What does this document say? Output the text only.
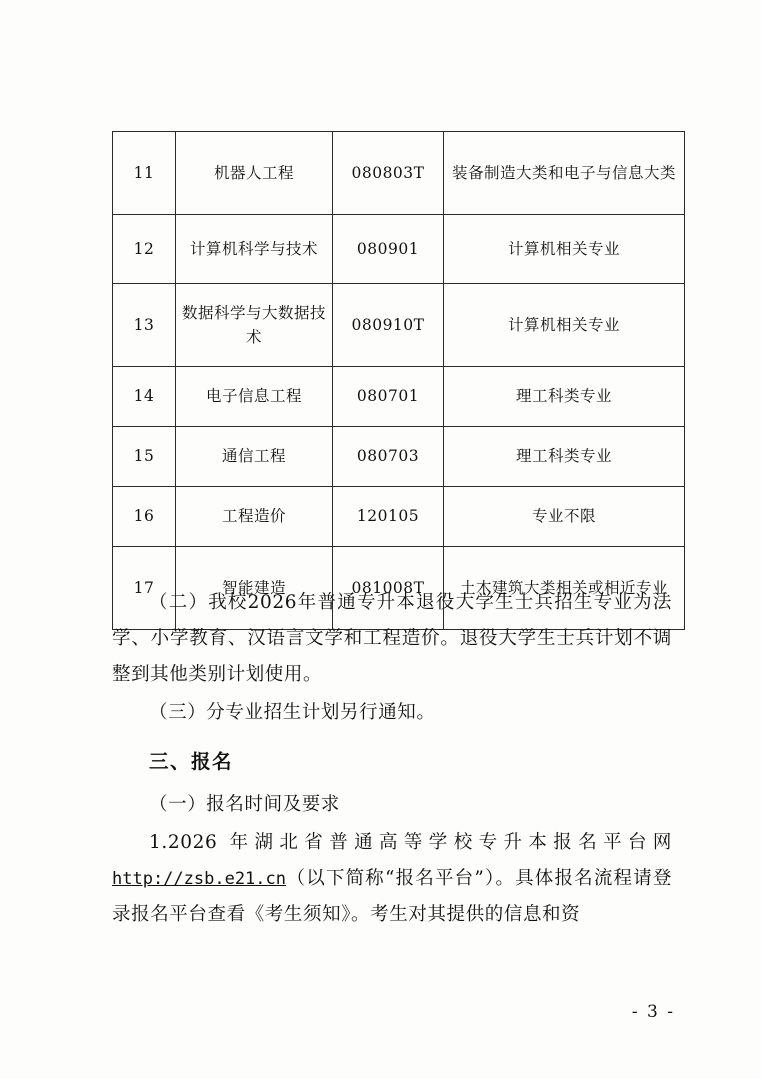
11	机器人工程	080803T	装备制造大类和电子与信息大类
12	计算机科学与技术	080901	计算机相关专业
13	数据科学与大数据技术	080910T	计算机相关专业
14	电子信息工程	080701	理工科类专业
15	通信工程	080703	理工科类专业
16	工程造价	120105	专业不限
17	智能建造	081008T	土木建筑大类相关或相近专业

（二）我校2026年普通专升本退役大学生士兵招生专业为法学、小学教育、汉语言文学和工程造价。退役大学生士兵计划不调整到其他类别计划使用。

（三）分专业招生计划另行通知。

三、报名

（一）报名时间及要求

1.2026 年湖北省普通高等学校专升本报名平台网http://zsb.e21.cn（以下简称“报名平台”）。具体报名流程请登录报名平台查看《考生须知》。考生对其提供的信息和资

- 3 -
